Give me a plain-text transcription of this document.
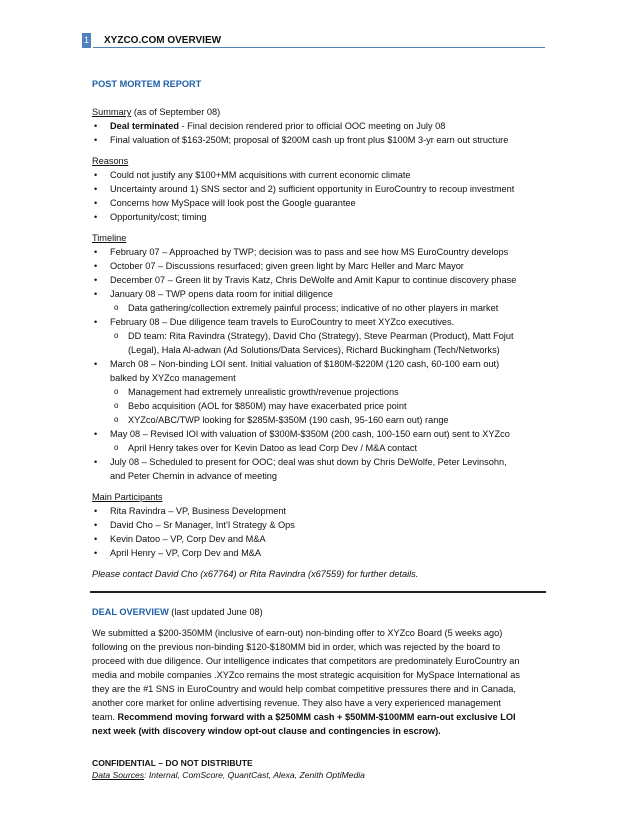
1 XYZCO.COM OVERVIEW

POST MORTEM REPORT

Summary (as of September 08)

• Deal terminated - Final decision rendered prior to official OOC meeting on July 08
• Final valuation of $163-250M; proposal of $200M cash up front plus $100M 3-yr earn out structure

Reasons

• Could not justify any $100+MM acquisitions with current economic climate
• Uncertainty around 1) SNS sector and 2) sufficient opportunity in EuroCountry to recoup investment
• Concerns how MySpace will look post the Google guarantee
• Opportunity/cost; timing

Timeline

• February 07 – Approached by TWP; decision was to pass and see how MS EuroCountry develops
• October 07 – Discussions resurfaced; given green light by Marc Heller and Marc Mayor
• December 07 – Green lit by Travis Katz, Chris DeWolfe and Amit Kapur to continue discovery phase
• January 08 – TWP opens data room for initial diligence
o Data gathering/collection extremely painful process; indicative of no other players in market
• February 08 – Due diligence team travels to EuroCountry to meet XYZco executives.
o DD team: Rita Ravindra (Strategy), David Cho (Strategy), Steve Pearman (Product), Matt Fojut (Legal), Hala Al-adwan (Ad Solutions/Data Services), Richard Buckingham (Tech/Networks)
• March 08 – Non-binding LOI sent. Initial valuation of $180M-$220M (120 cash, 60-100 earn out) balked by XYZco management
o Management had extremely unrealistic growth/revenue projections
o Bebo acquisition (AOL for $850M) may have exacerbated price point
o XYZco/ABC/TWP looking for $285M-$350M (190 cash, 95-160 earn out) range
• May 08 – Revised IOI with valuation of $300M-$350M (200 cash, 100-150 earn out) sent to XYZco
o April Henry takes over for Kevin Datoo as lead Corp Dev / M&A contact
• July 08 – Scheduled to present for OOC; deal was shut down by Chris DeWolfe, Peter Levinsohn, and Peter Chernin in advance of meeting

Main Participants

• Rita Ravindra – VP, Business Development
• David Cho – Sr Manager, Int’l Strategy & Ops
• Kevin Datoo – VP, Corp Dev and M&A
• April Henry – VP, Corp Dev and M&A

Please contact David Cho (x67764) or Rita Ravindra (x67559) for further details.

DEAL OVERVIEW (last updated June 08)

We submitted a $200-350MM (inclusive of earn-out) non-binding offer to XYZco Board (5 weeks ago) following on the previous non-binding $120-$180MM bid in order, which was rejected by the board to proceed with due diligence. Our intelligence indicates that competitors are predominately EuroCountry an media and mobile companies .XYZco remains the most strategic acquisition for MySpace International as they are the #1 SNS in EuroCountry and would help combat competitive pressures there and in Canada, another core market for online advertising revenue. They also have a very experienced management team. Recommend moving forward with a $250MM cash + $50MM-$100MM earn-out exclusive LOI next week (with discovery window opt-out clause and contingencies in escrow).

CONFIDENTIAL – DO NOT DISTRIBUTE
Data Sources: Internal, ComScore, QuantCast, Alexa, Zenith OptiMedia
